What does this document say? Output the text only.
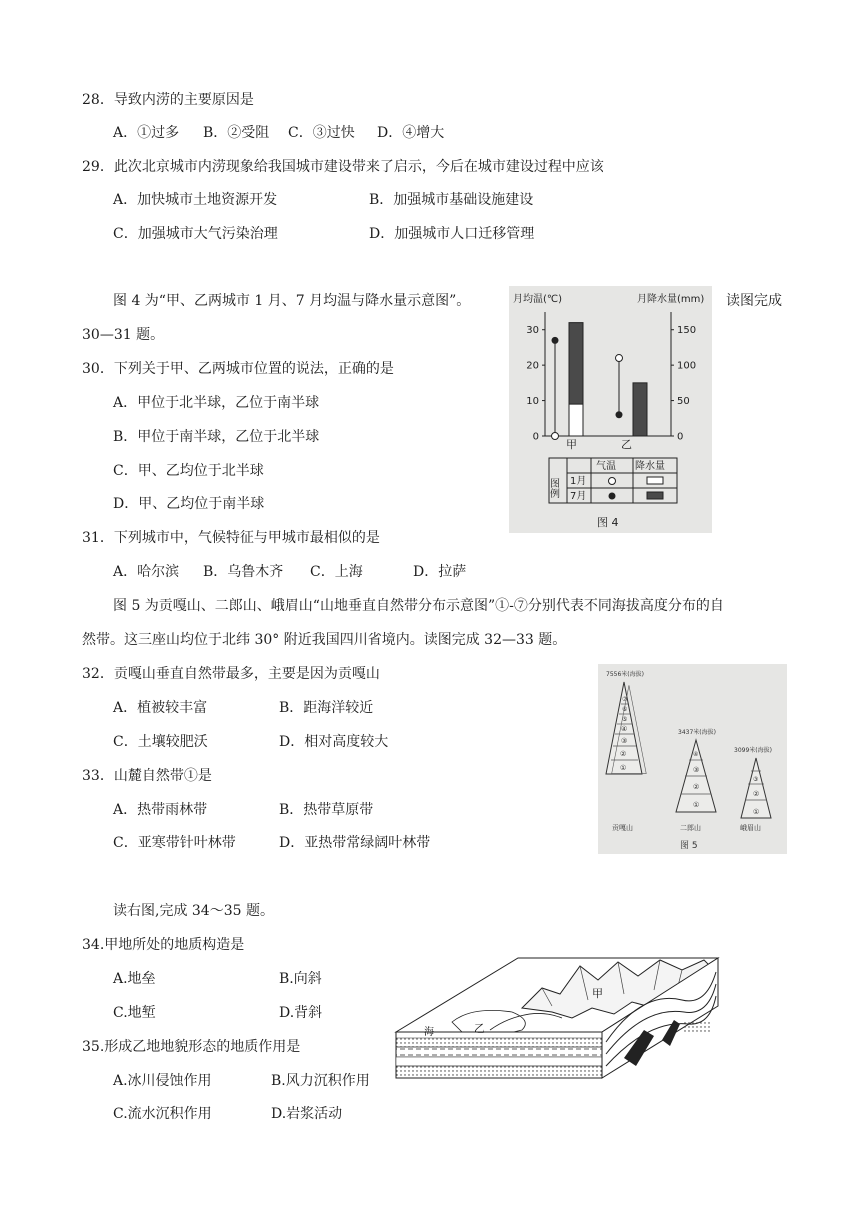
28．导致内涝的主要原因是
A．①过多 B．②受阻 C．③过快 D．④增大
29．此次北京城市内涝现象给我国城市建设带来了启示，今后在城市建设过程中应该
A．加快城市土地资源开发	B．加强城市基础设施建设
C．加强城市大气污染治理	D．加强城市人口迁移管理
图 4 为“甲、乙两城市 1 月、7 月均温与降水量示意图”。	读图完成
30—31 题。
30．下列关于甲、乙两城市位置的说法，正确的是
A．甲位于北半球，乙位于南半球
B．甲位于南半球，乙位于北半球
C．甲、乙均位于北半球
D．甲、乙均位于南半球
月均温(℃)	月降水量(mm)
30
20
10
0
150
100
50
0
甲	乙
图例
气温 降水量
1月
7月
图 4
31．下列城市中，气候特征与甲城市最相似的是
A．哈尔滨 B．乌鲁木齐 C．上海	D．拉萨
图 5 为贡嘎山、二郎山、峨眉山“山地垂直自然带分布示意图”①-⑦分别代表不同海拔高度分布的自
然带。这三座山均位于北纬 30° 附近我国四川省境内。读图完成 32—33 题。
32．贡嘎山垂直自然带最多，主要是因为贡嘎山
A．植被较丰富	B．距海洋较近
C．土壤较肥沃	D．相对高度较大
33．山麓自然带①是
A．热带雨林带	B．热带草原带
C．亚寒带针叶林带	D．亚热带常绿阔叶林带
①
②
③
④
⑤
⑥
⑦
7556米(海拔)
贡嘎山
①
②
③
④
3437米(海拔)
二郎山
①
②
③
3099米(海拔)
峨眉山
图 5
读右图,完成 34～35 题。
34.甲地所处的地质构造是
A.地垒	B.向斜
C.地堑	D.背斜
35.形成乙地地貌形态的地质作用是
A.冰川侵蚀作用	B.风力沉积作用
C.流水沉积作用	D.岩浆活动
甲
乙
海
